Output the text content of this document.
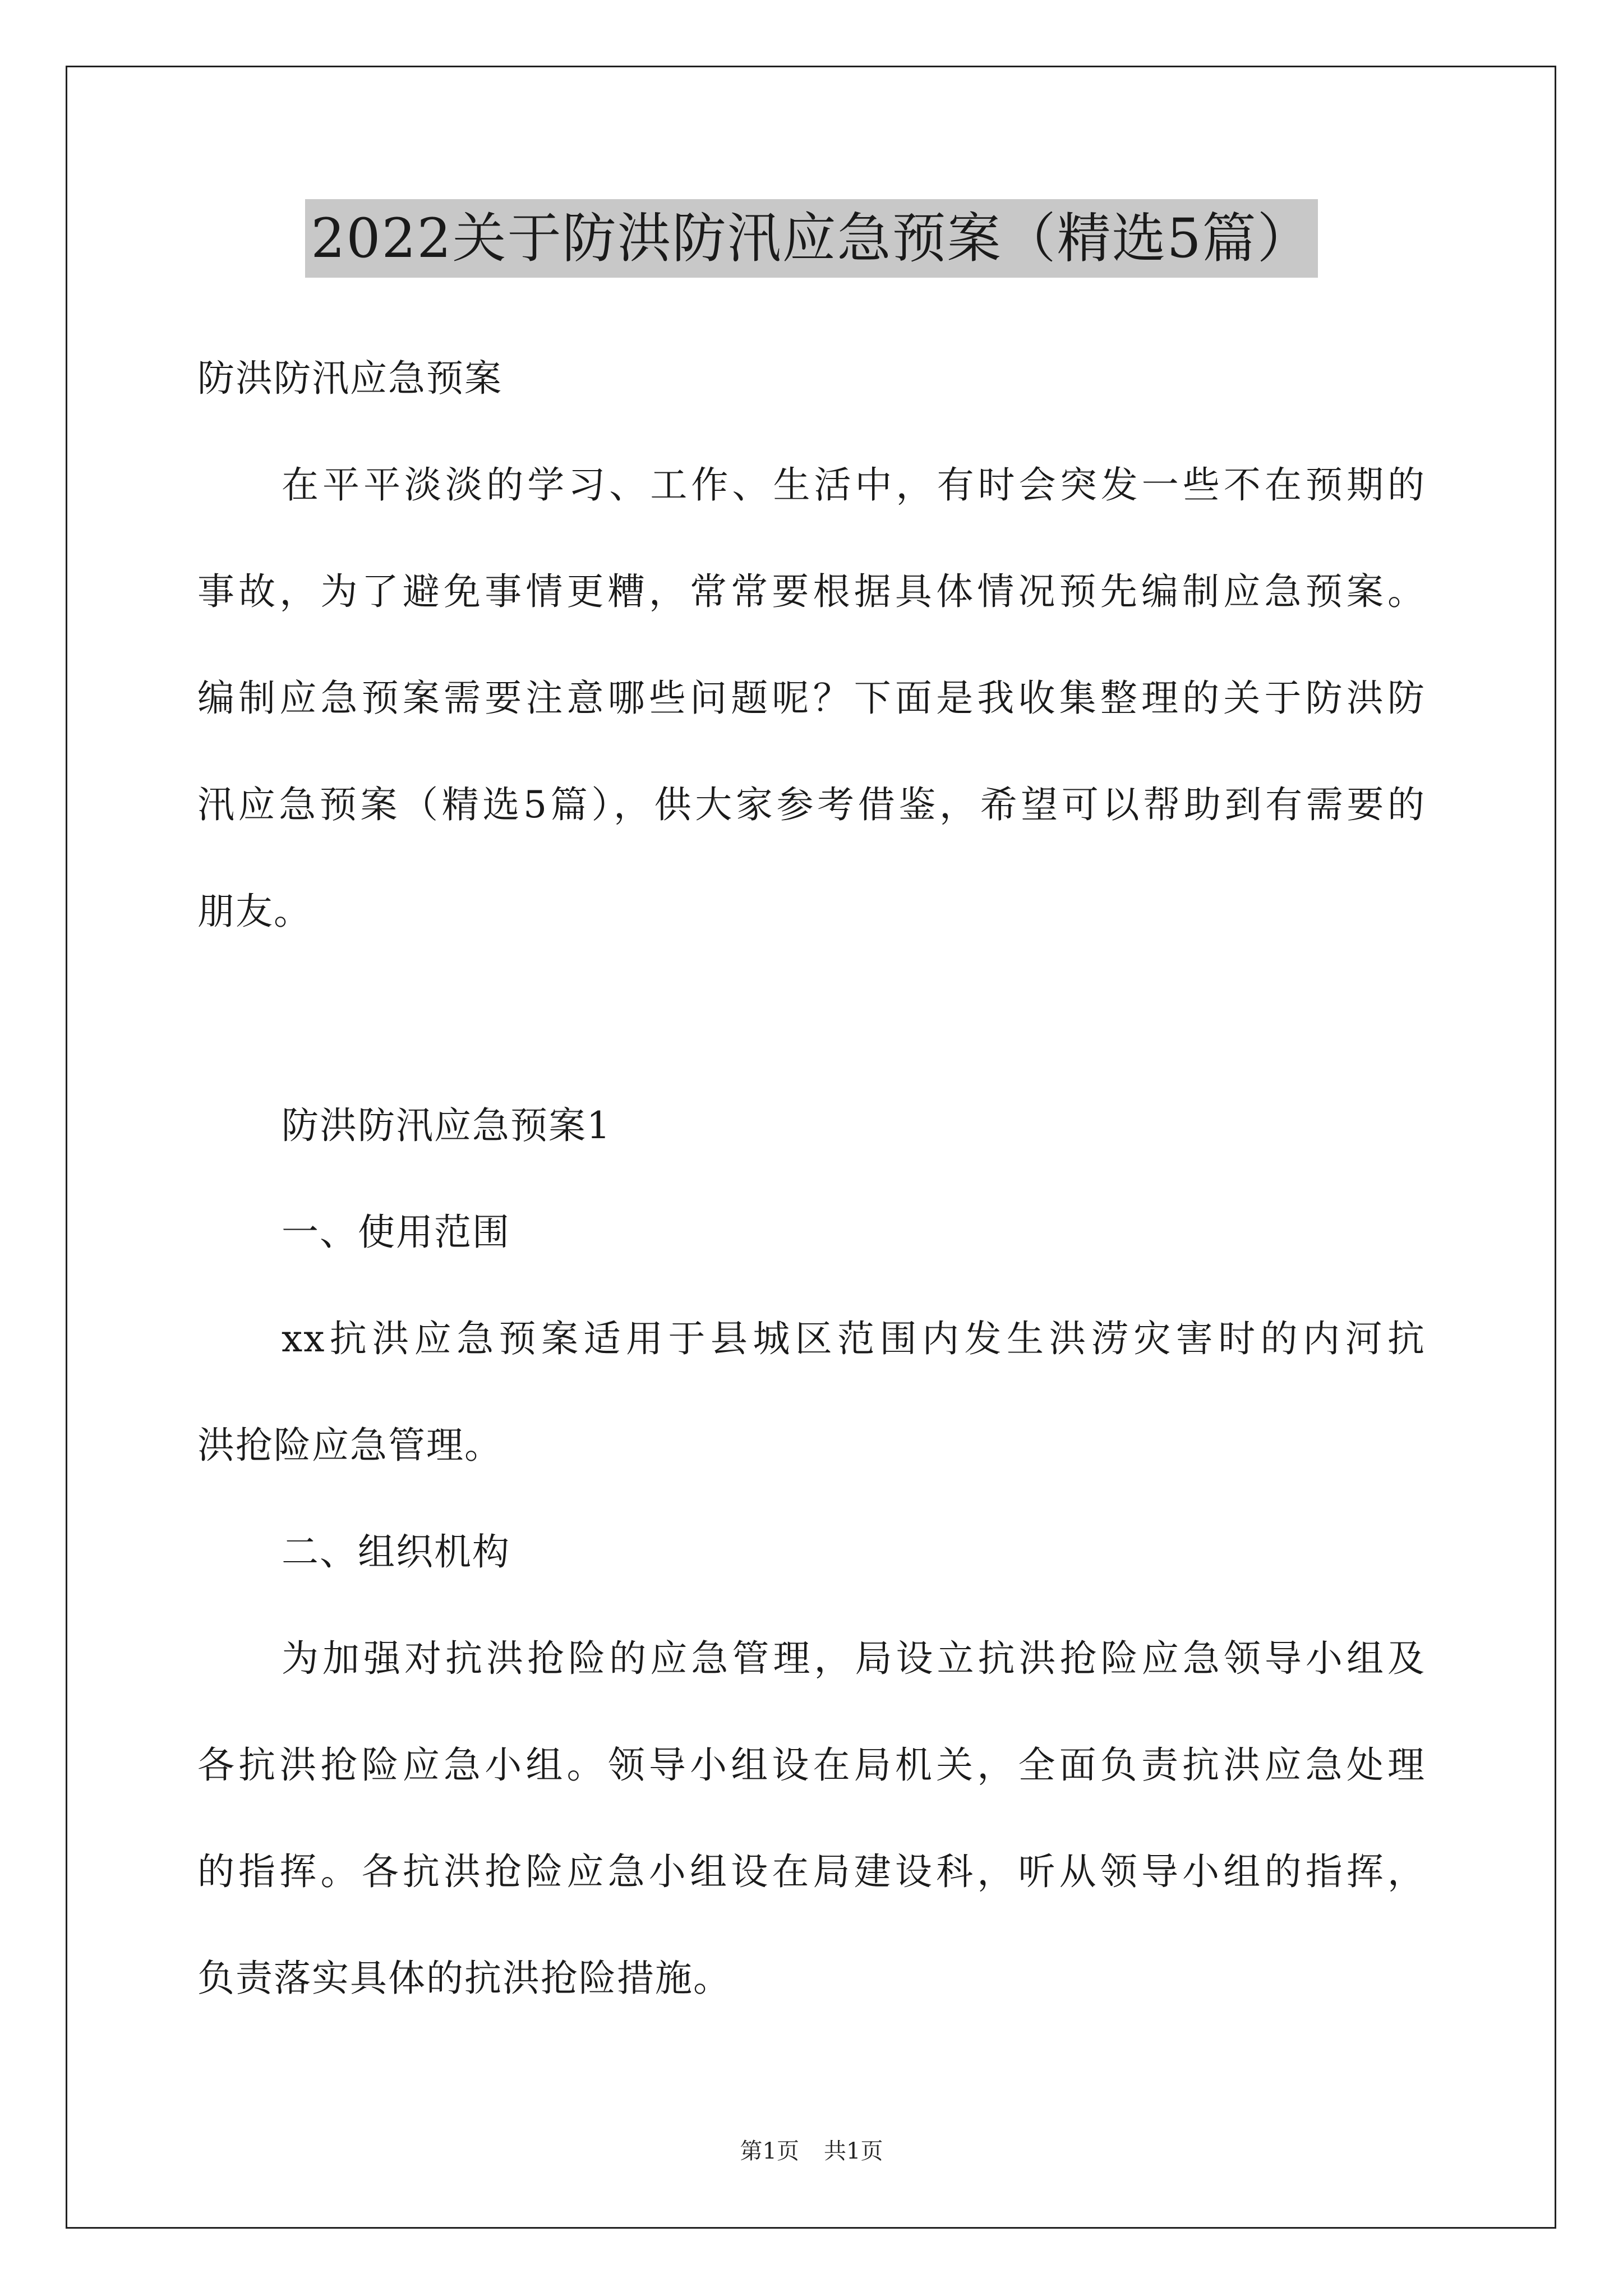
2022关于防洪防汛应急预案（精选5篇）
防洪防汛应急预案
在平平淡淡的学习、工作、生活中，有时会突发一些不在预期的
事故，为了避免事情更糟，常常要根据具体情况预先编制应急预案。
编制应急预案需要注意哪些问题呢？下面是我收集整理的关于防洪防
汛应急预案（精选5篇），供大家参考借鉴，希望可以帮助到有需要的
朋友。
防洪防汛应急预案1
一、使用范围
xx抗洪应急预案适用于县城区范围内发生洪涝灾害时的内河抗
洪抢险应急管理。
二、组织机构
为加强对抗洪抢险的应急管理，局设立抗洪抢险应急领导小组及
各抗洪抢险应急小组。领导小组设在局机关，全面负责抗洪应急处理
的指挥。各抗洪抢险应急小组设在局建设科，听从领导小组的指挥，
负责落实具体的抗洪抢险措施。
第1页 共1页
